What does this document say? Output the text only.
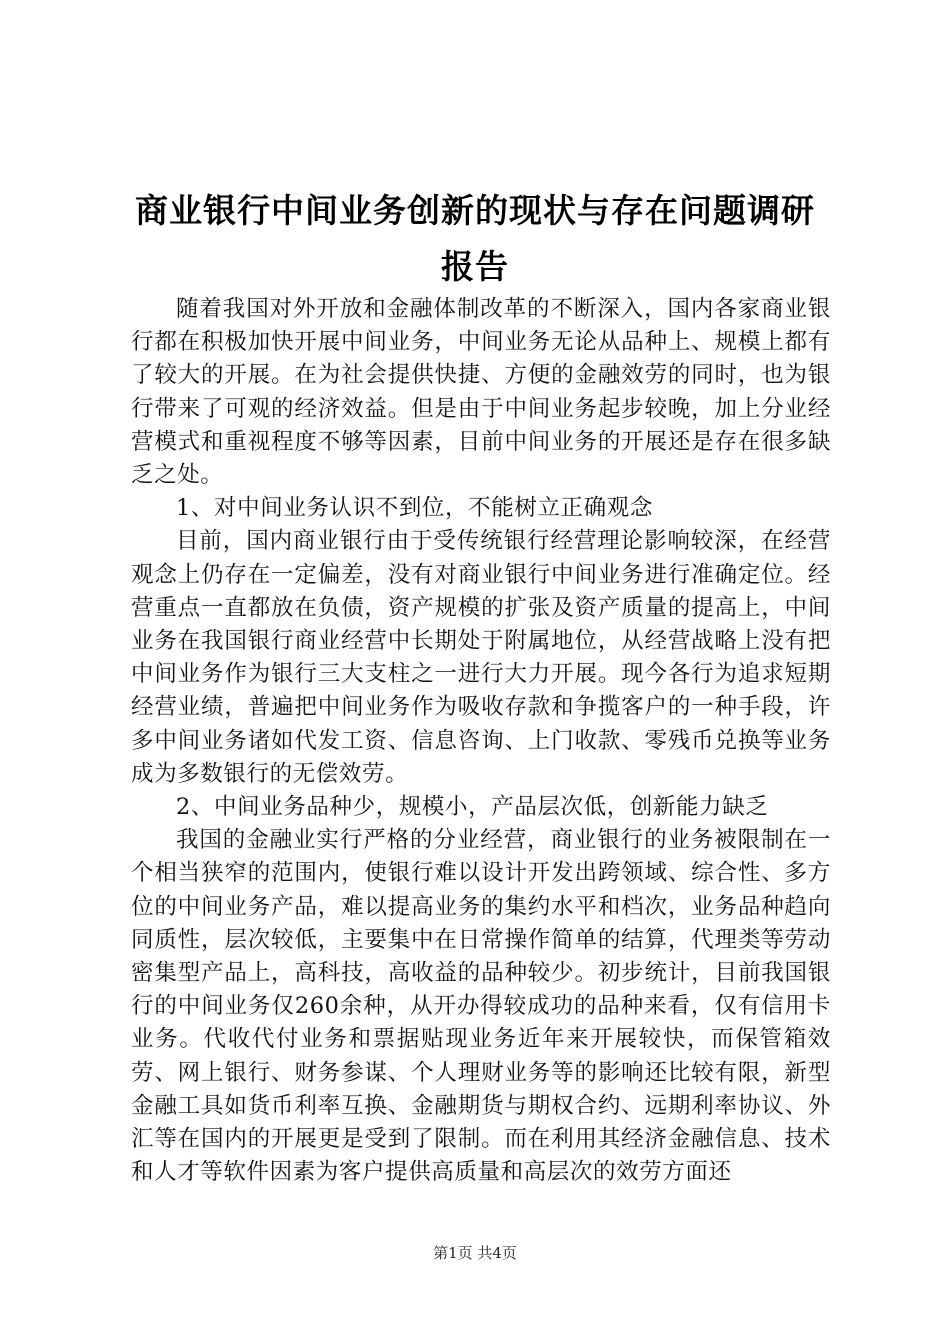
商业银行中间业务创新的现状与存在问题调研报告

随着我国对外开放和金融体制改革的不断深入，国内各家商业银行都在积极加快开展中间业务，中间业务无论从品种上、规模上都有了较大的开展。在为社会提供快捷、方便的金融效劳的同时，也为银行带来了可观的经济效益。但是由于中间业务起步较晚，加上分业经营模式和重视程度不够等因素，目前中间业务的开展还是存在很多缺乏之处。

1、对中间业务认识不到位，不能树立正确观念

目前，国内商业银行由于受传统银行经营理论影响较深，在经营观念上仍存在一定偏差，没有对商业银行中间业务进行准确定位。经营重点一直都放在负债，资产规模的扩张及资产质量的提高上，中间业务在我国银行商业经营中长期处于附属地位，从经营战略上没有把中间业务作为银行三大支柱之一进行大力开展。现今各行为追求短期经营业绩，普遍把中间业务作为吸收存款和争揽客户的一种手段，许多中间业务诸如代发工资、信息咨询、上门收款、零残币兑换等业务成为多数银行的无偿效劳。

2、中间业务品种少，规模小，产品层次低，创新能力缺乏

我国的金融业实行严格的分业经营，商业银行的业务被限制在一个相当狭窄的范围内，使银行难以设计开发出跨领域、综合性、多方位的中间业务产品，难以提高业务的集约水平和档次，业务品种趋向同质性，层次较低，主要集中在日常操作简单的结算，代理类等劳动密集型产品上，高科技，高收益的品种较少。初步统计，目前我国银行的中间业务仅260余种，从开办得较成功的品种来看，仅有信用卡业务。代收代付业务和票据贴现业务近年来开展较快，而保管箱效劳、网上银行、财务参谋、个人理财业务等的影响还比较有限，新型金融工具如货币利率互换、金融期货与期权合约、远期利率协议、外汇等在国内的开展更是受到了限制。而在利用其经济金融信息、技术和人才等软件因素为客户提供高质量和高层次的效劳方面还

第1页 共4页
